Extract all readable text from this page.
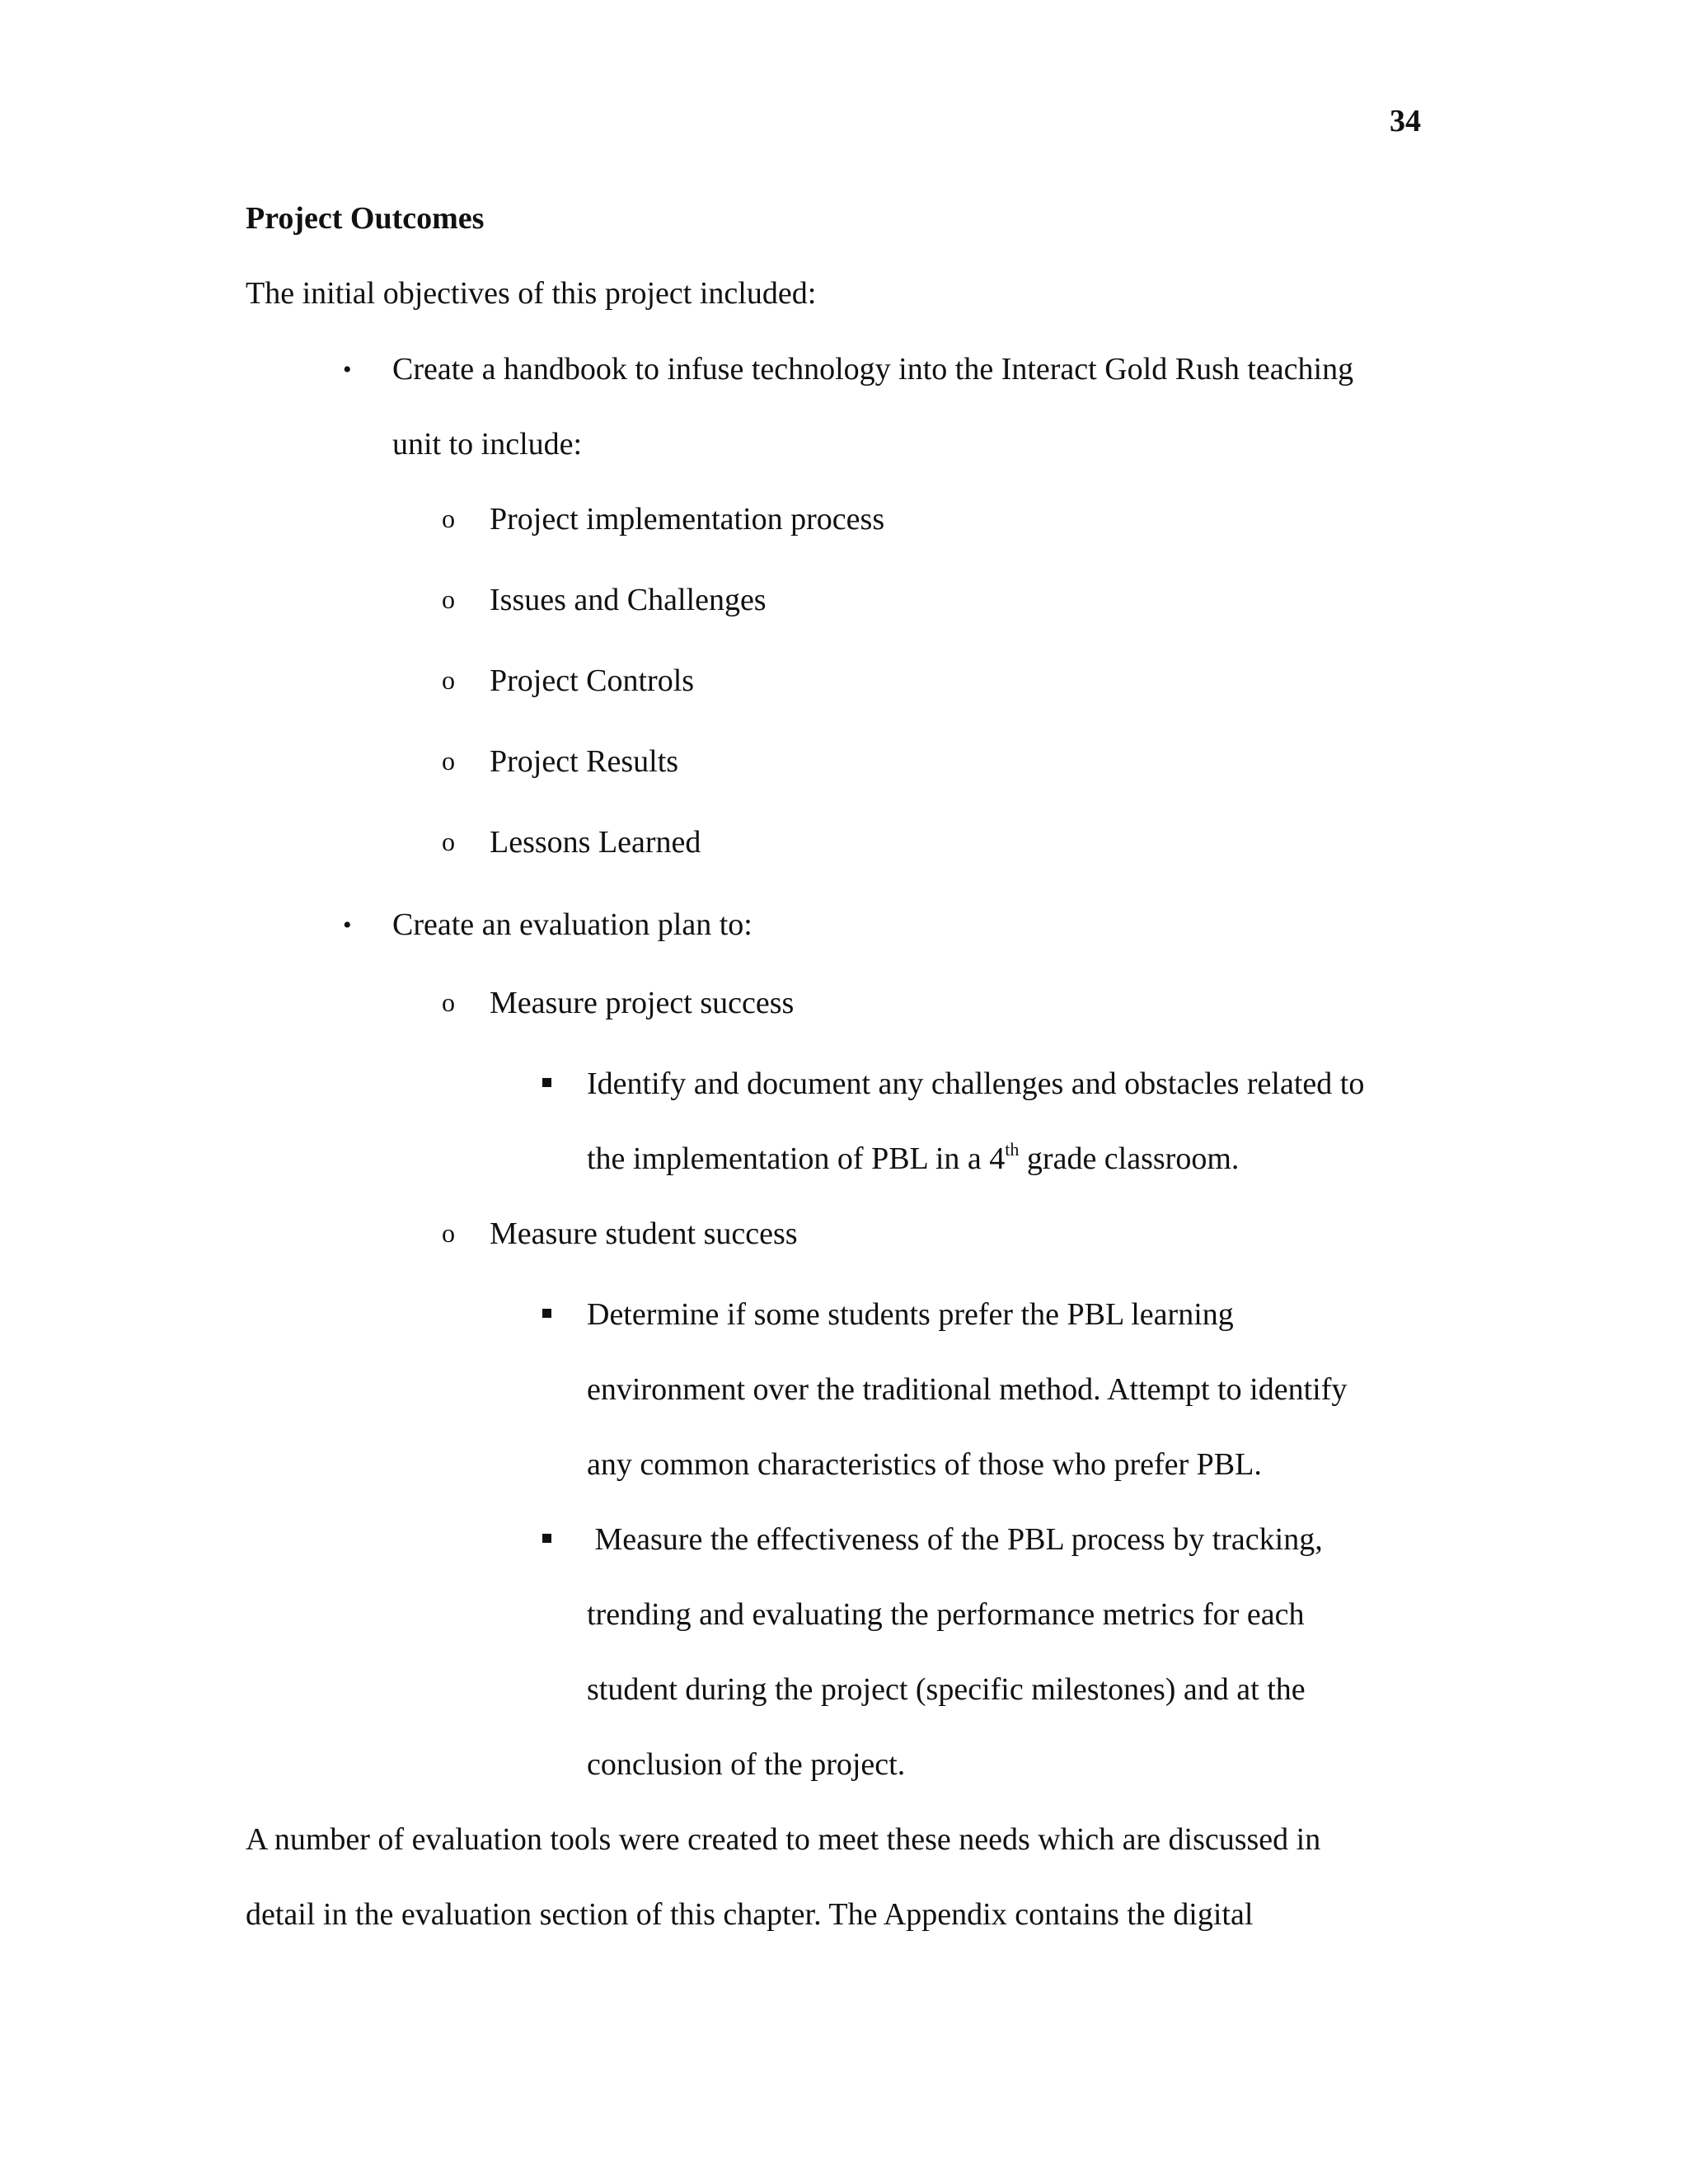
34

Project Outcomes

The initial objectives of this project included:

• Create a handbook to infuse technology into the Interact Gold Rush teaching

unit to include:

o Project implementation process

o Issues and Challenges

o Project Controls

o Project Results

o Lessons Learned

• Create an evaluation plan to:

o Measure project success

Identify and document any challenges and obstacles related to

the implementation of PBL in a 4th grade classroom.

o Measure student success

Determine if some students prefer the PBL learning

environment over the traditional method. Attempt to identify

any common characteristics of those who prefer PBL.

Measure the effectiveness of the PBL process by tracking,

trending and evaluating the performance metrics for each

student during the project (specific milestones) and at the

conclusion of the project.

A number of evaluation tools were created to meet these needs which are discussed in

detail in the evaluation section of this chapter. The Appendix contains the digital
